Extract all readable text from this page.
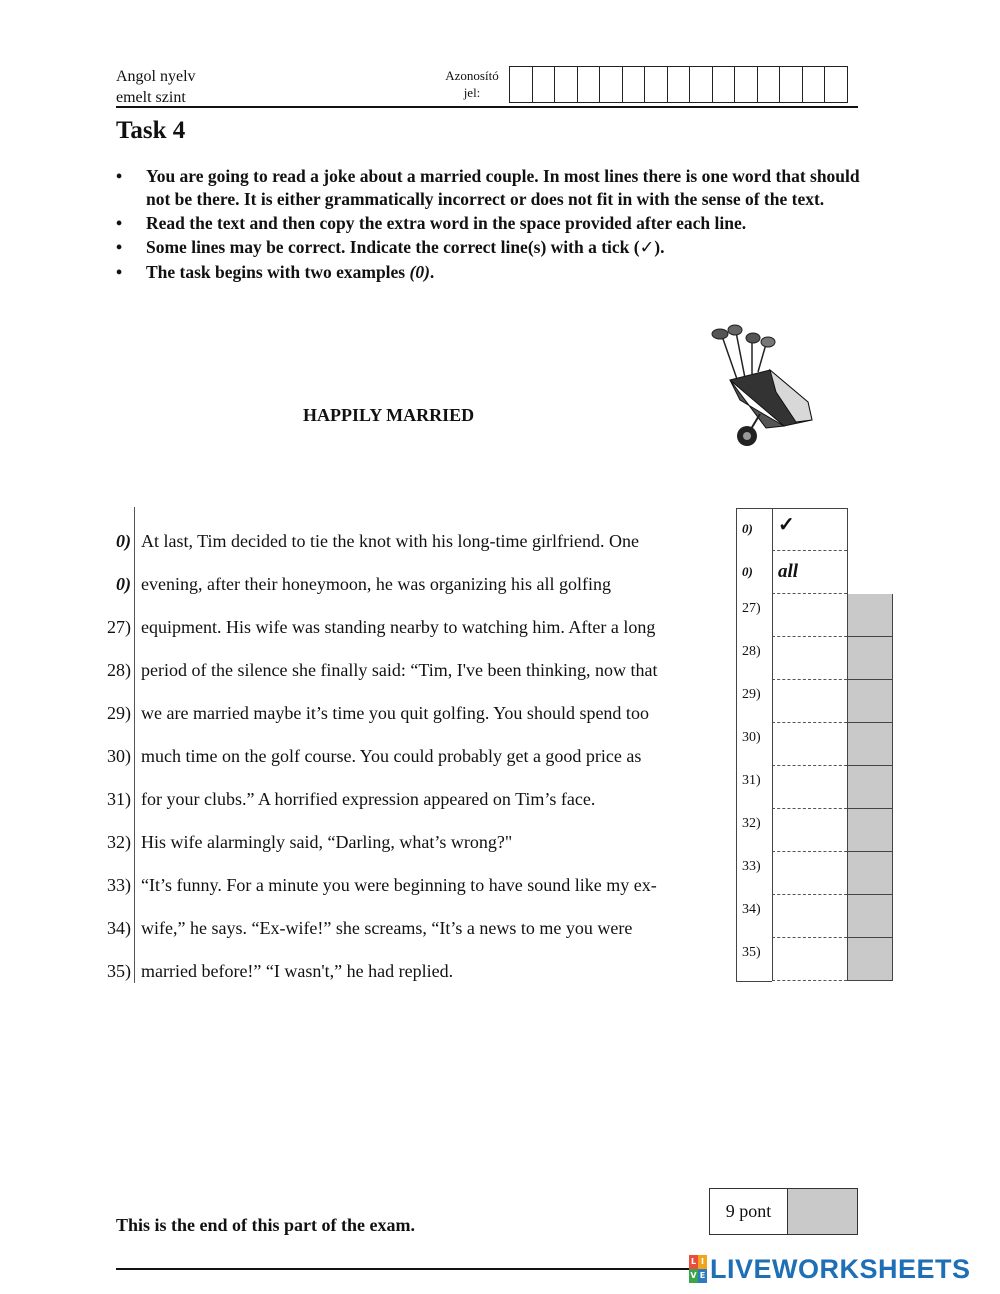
Angol nyelv
emelt szint
Azonosító
jel:
Task 4
• You are going to read a joke about a married couple. In most lines there is one word that should not be there. It is either grammatically incorrect or does not fit in with the sense of the text.
• Read the text and then copy the extra word in the space provided after each line.
• Some lines may be correct. Indicate the correct line(s) with a tick (✓).
• The task begins with two examples (0).
HAPPILY MARRIED
0) At last, Tim decided to tie the knot with his long-time girlfriend. One
0) evening, after their honeymoon, he was organizing his all golfing
27) equipment. His wife was standing nearby to watching him. After a long
28) period of the silence she finally said: “Tim, I've been thinking, now that
29) we are married maybe it’s time you quit golfing. You should spend too
30) much time on the golf course. You could probably get a good price as
31) for your clubs.” A horrified expression appeared on Tim’s face.
32) His wife alarmingly said, “Darling, what’s wrong?"
33) “It’s funny. For a minute you were beginning to have sound like my ex-
34) wife,” he says. “Ex-wife!” she screams, “It’s a news to me you were
35) married before!” “I wasn't,” he had replied.
0)	✓
0)	all
27)
28)
29)
30)
31)
32)
33)
34)
35)
This is the end of this part of the exam.
9 pont
L I
V E LIVEWORKSHEETS
